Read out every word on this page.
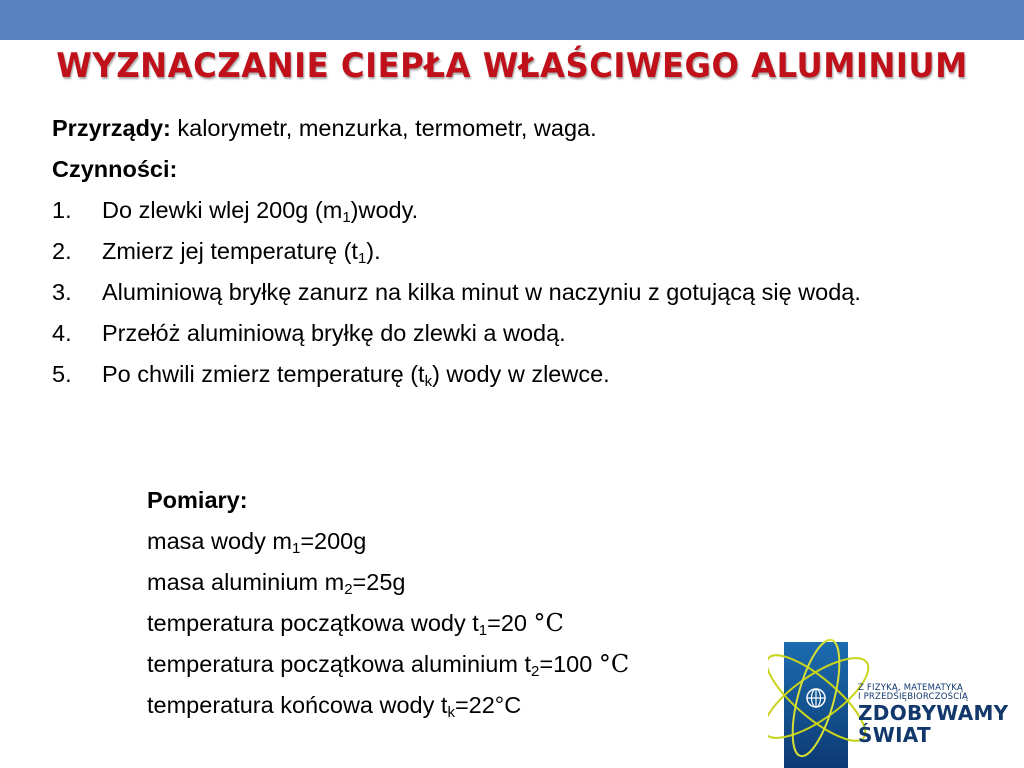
WYZNACZANIE CIEPŁA WŁAŚCIWEGO ALUMINIUM
Przyrządy: kalorymetr, menzurka, termometr, waga.
Czynności:
1. Do zlewki wlej 200g $(m_1)wody$.
2. Zmierz jej temperaturę $(t_1)$.
3. Aluminiową bryłkę zanurz na kilka minut w naczyniu z gotującą się wodą.
4. Przełóż aluminiową bryłkę do zlewki a wodą.
5. Po chwili zmierz temperaturę $(t_k)$ wody w zlewce.
Pomiary:
masa wody $m_1=200g$
masa aluminium $m_2=25g$
temperatura początkowa wody $t_1=20$ °C
temperatura początkowa aluminium $t_2=100$ °C
temperatura końcowa wody $t_k=22^\circ C$
Z FIZYKĄ, MATEMATYKĄ
I PRZEDSIĘBIORCZOŚCIĄ
ZDOBYWAMY
ŚWIAT
